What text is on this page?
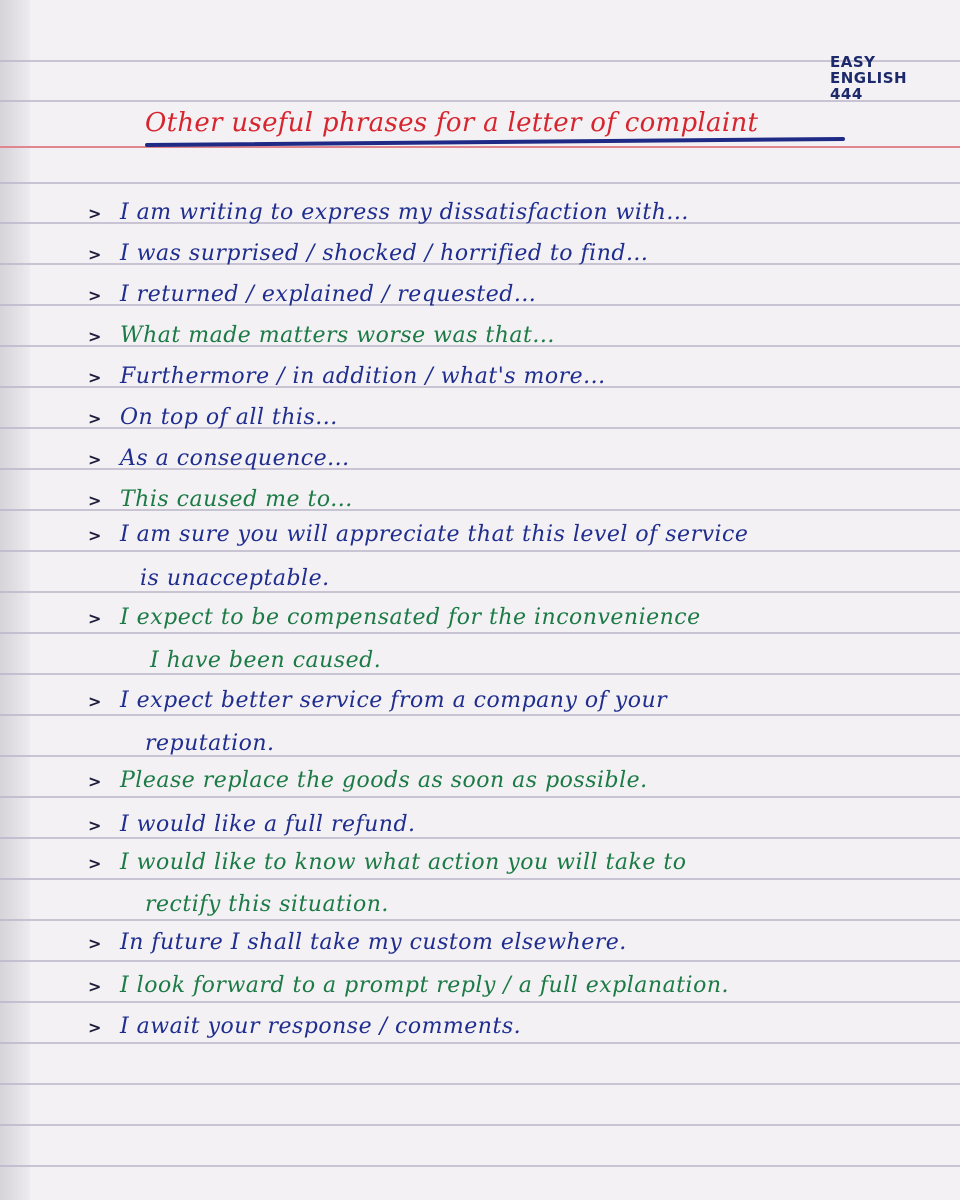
EASY
ENGLISH
444
Other useful phrases for a letter of complaint
> I am writing to express my dissatisfaction with...
> I was surprised / shocked / horrified to find...
> I returned / explained / requested...
> What made matters worse was that...
> Furthermore / in addition / what's more...
> On top of all this...
> As a consequence...
> This caused me to...
> I am sure you will appreciate that this level of service
is unacceptable.
> I expect to be compensated for the inconvenience
I have been caused.
> I expect better service from a company of your
reputation.
> Please replace the goods as soon as possible.
> I would like a full refund.
> I would like to know what action you will take to
rectify this situation.
> In future I shall take my custom elsewhere.
> I look forward to a prompt reply / a full explanation.
> I await your response / comments.
